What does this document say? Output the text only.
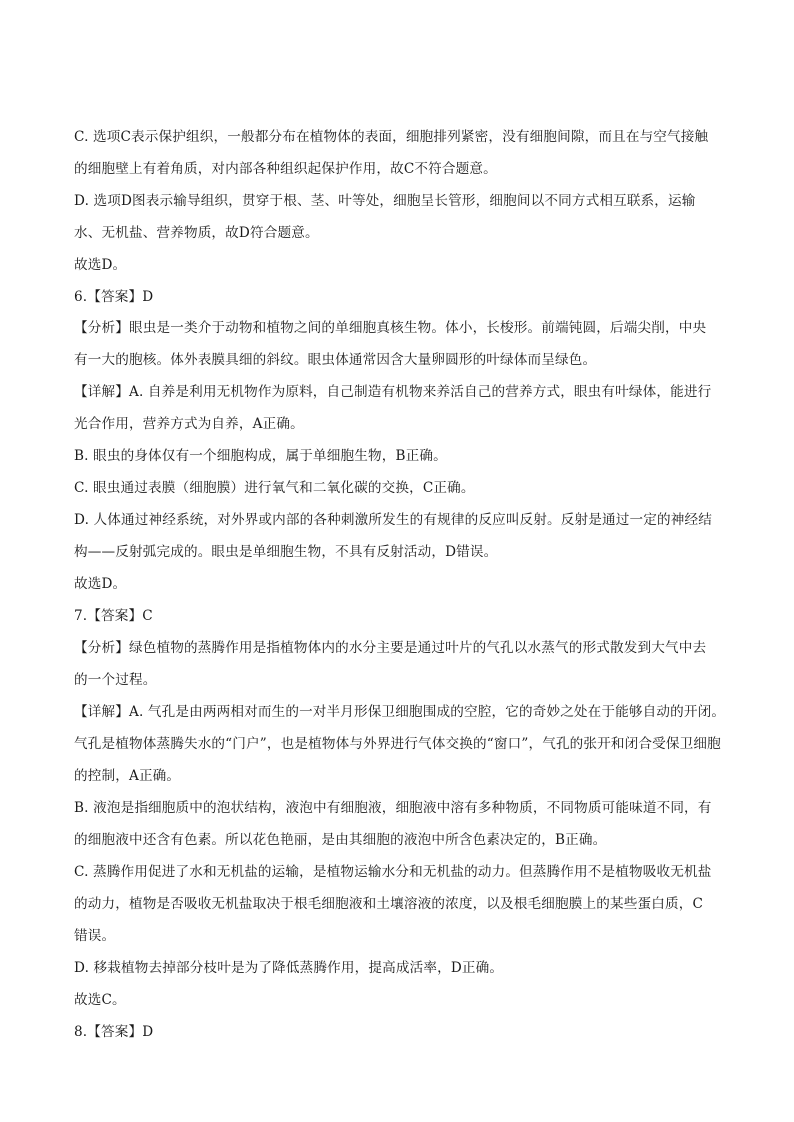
C. 选项C表示保护组织，一般都分布在植物体的表面，细胞排列紧密，没有细胞间隙，而且在与空气接触
的细胞壁上有着角质，对内部各种组织起保护作用，故C不符合题意。
D. 选项D图表示输导组织，贯穿于根、茎、叶等处，细胞呈长管形，细胞间以不同方式相互联系，运输
水、无机盐、营养物质，故D符合题意。
故选D。
6.【答案】D
【分析】眼虫是一类介于动物和植物之间的单细胞真核生物。体小，长梭形。前端钝圆，后端尖削，中央
有一大的胞核。体外表膜具细的斜纹。眼虫体通常因含大量卵圆形的叶绿体而呈绿色。
【详解】A. 自养是利用无机物作为原料，自己制造有机物来养活自己的营养方式，眼虫有叶绿体，能进行
光合作用，营养方式为自养，A正确。
B. 眼虫的身体仅有一个细胞构成，属于单细胞生物，B正确。
C. 眼虫通过表膜（细胞膜）进行氧气和二氧化碳的交换，C正确。
D. 人体通过神经系统，对外界或内部的各种刺激所发生的有规律的反应叫反射。反射是通过一定的神经结
构——反射弧完成的。眼虫是单细胞生物，不具有反射活动，D错误。
故选D。
7.【答案】C
【分析】绿色植物的蒸腾作用是指植物体内的水分主要是通过叶片的气孔以水蒸气的形式散发到大气中去
的一个过程。
【详解】A. 气孔是由两两相对而生的一对半月形保卫细胞围成的空腔，它的奇妙之处在于能够自动的开闭。
气孔是植物体蒸腾失水的“门户”，也是植物体与外界进行气体交换的“窗口”，气孔的张开和闭合受保卫细胞
的控制，A正确。
B. 液泡是指细胞质中的泡状结构，液泡中有细胞液，细胞液中溶有多种物质，不同物质可能味道不同，有
的细胞液中还含有色素。所以花色艳丽，是由其细胞的液泡中所含色素决定的，B正确。
C. 蒸腾作用促进了水和无机盐的运输，是植物运输水分和无机盐的动力。但蒸腾作用不是植物吸收无机盐
的动力，植物是否吸收无机盐取决于根毛细胞液和土壤溶液的浓度，以及根毛细胞膜上的某些蛋白质，C
错误。
D. 移栽植物去掉部分枝叶是为了降低蒸腾作用，提高成活率，D正确。
故选C。
8.【答案】D
